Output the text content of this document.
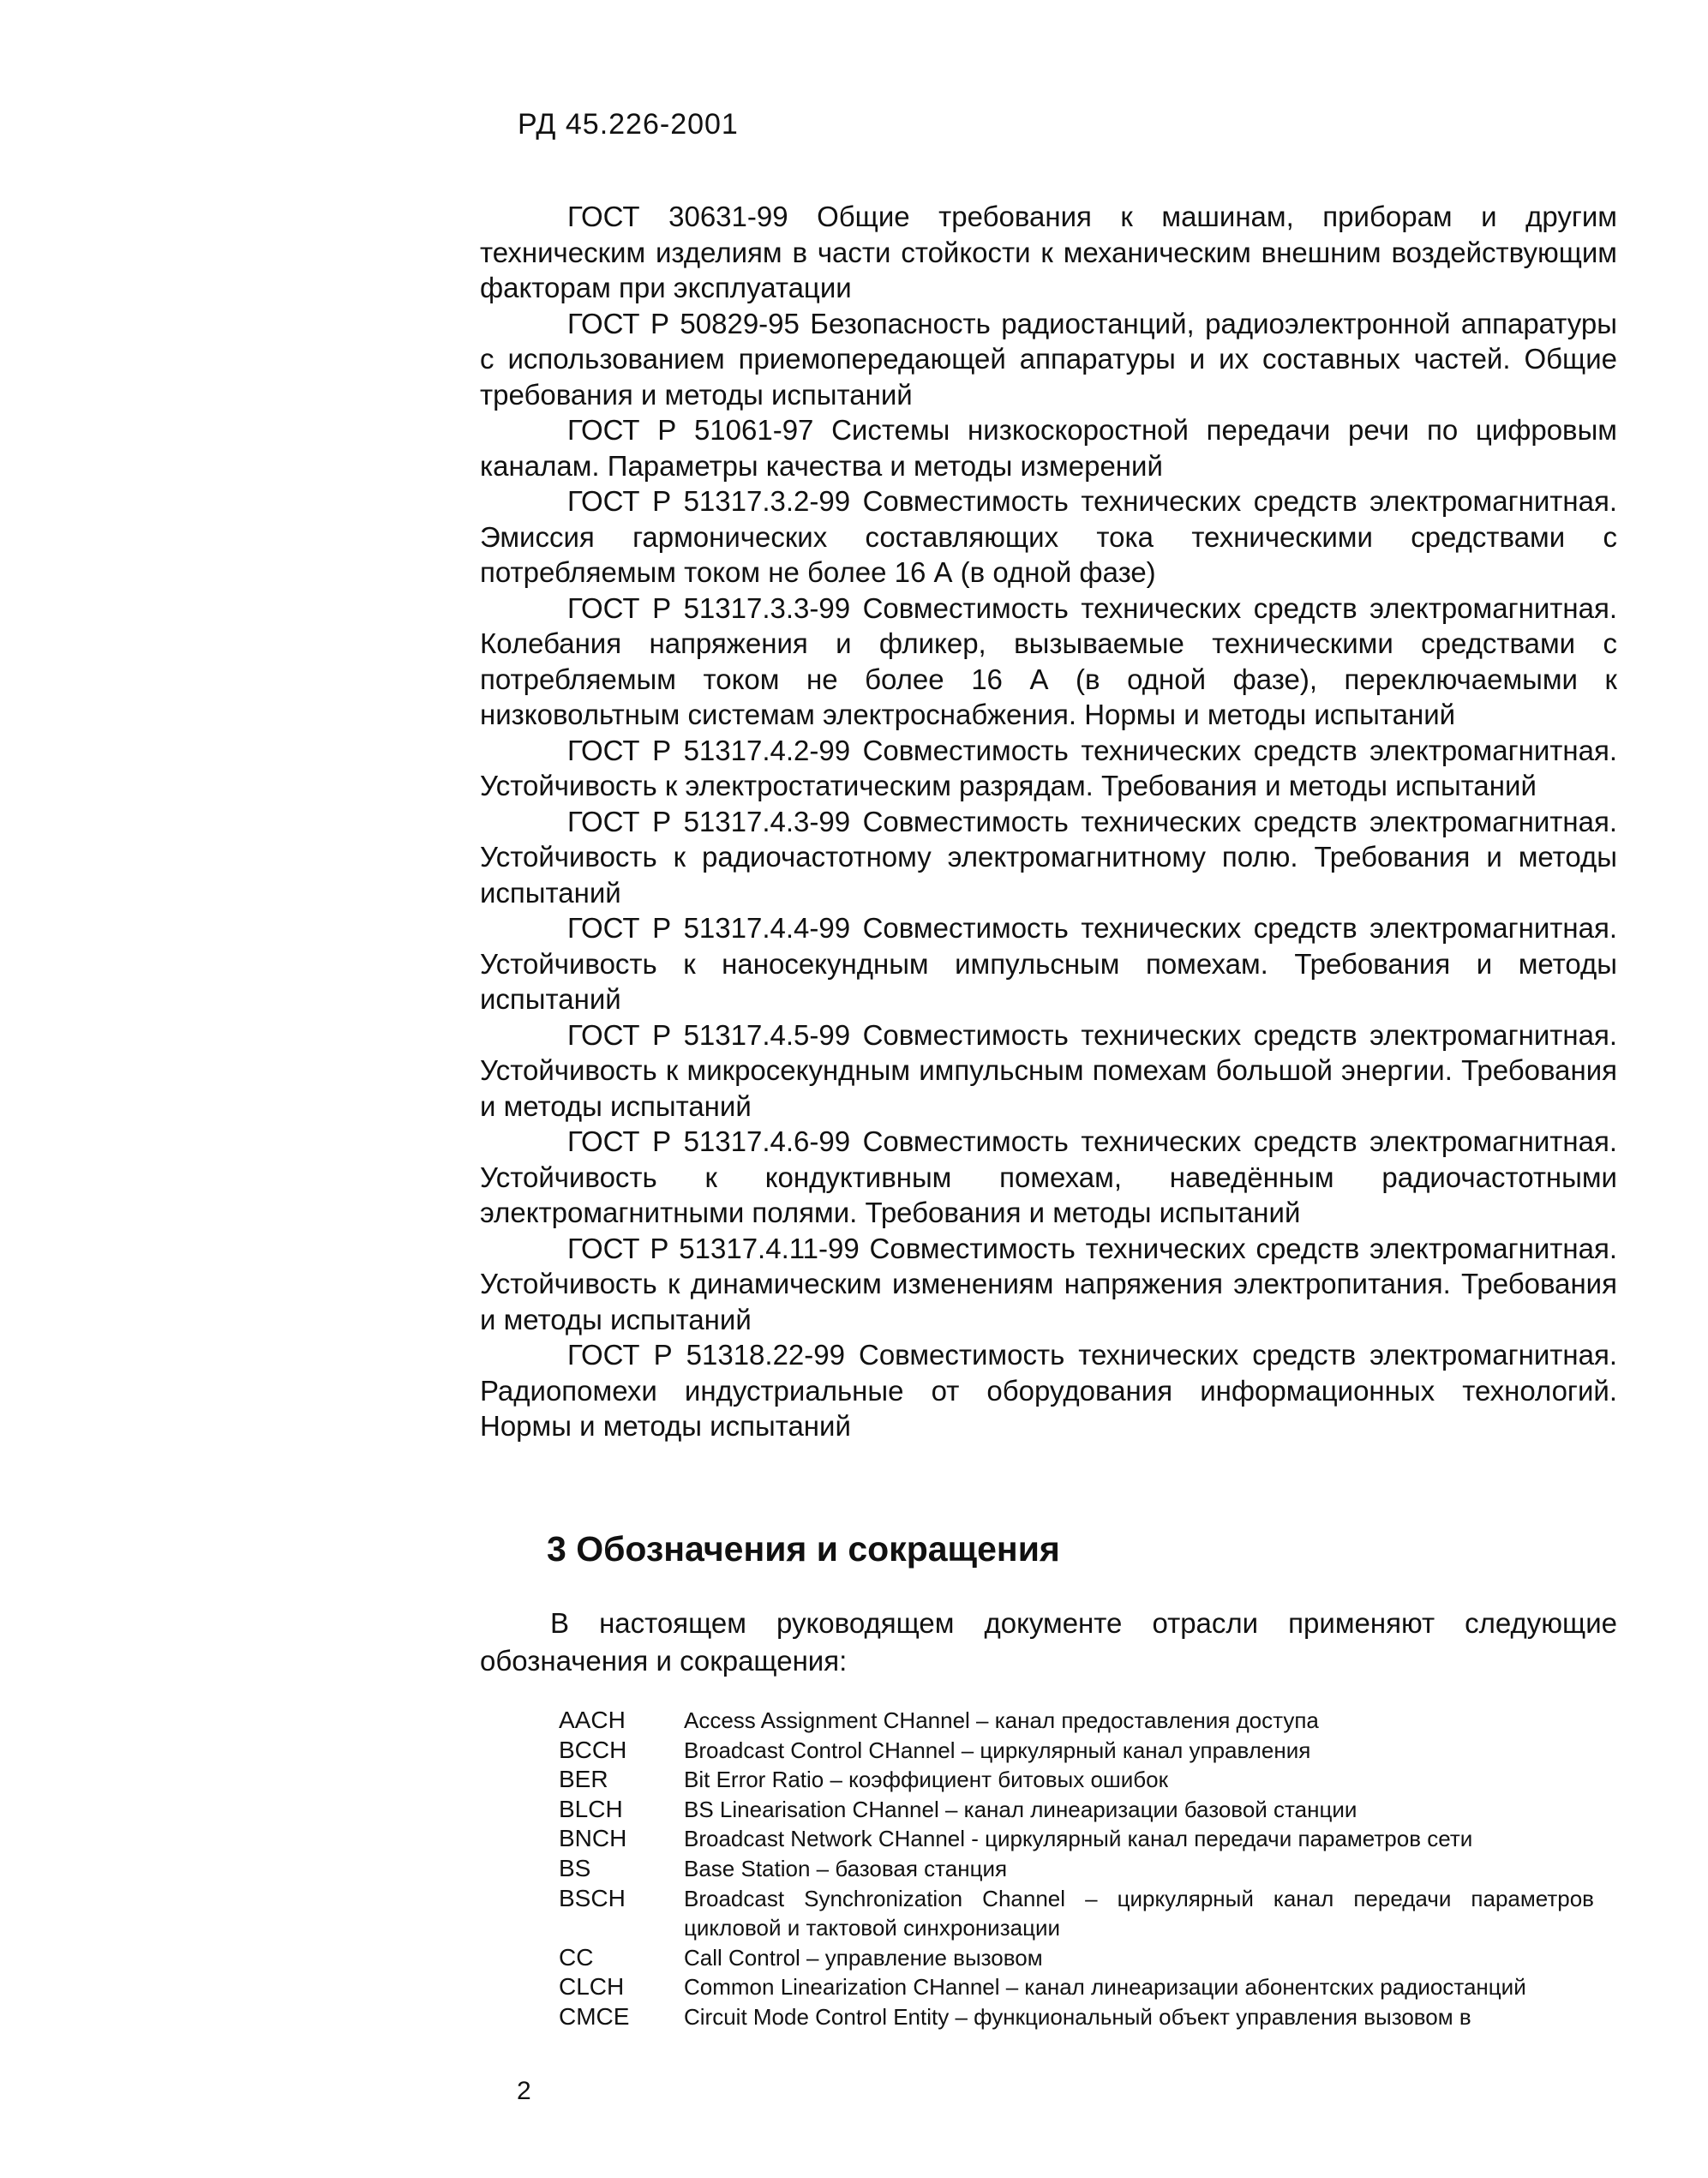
РД 45.226-2001

ГОСТ 30631-99 Общие требования к машинам, приборам и другим техническим изделиям в части стойкости к механическим внешним воздействующим факторам при эксплуатации

ГОСТ Р 50829-95 Безопасность радиостанций, радиоэлектронной аппаратуры с использованием приемопередающей аппаратуры и их составных частей. Общие требования и методы испытаний

ГОСТ Р 51061-97 Системы низкоскоростной передачи речи по цифровым каналам. Параметры качества и методы измерений

ГОСТ Р 51317.3.2-99 Совместимость технических средств электромагнитная. Эмиссия гармонических составляющих тока техническими средствами с потребляемым током не более 16 А (в одной фазе)

ГОСТ Р 51317.3.3-99 Совместимость технических средств электромагнитная. Колебания напряжения и фликер, вызываемые техническими средствами с потребляемым током не более 16 А (в одной фазе), переключаемыми к низковольтным системам электроснабжения. Нормы и методы испытаний

ГОСТ Р 51317.4.2-99 Совместимость технических средств электромагнитная. Устойчивость к электростатическим разрядам. Требования и методы испытаний

ГОСТ Р 51317.4.3-99 Совместимость технических средств электромагнитная. Устойчивость к радиочастотному электромагнитному полю. Требования и методы испытаний

ГОСТ Р 51317.4.4-99 Совместимость технических средств электромагнитная. Устойчивость к наносекундным импульсным помехам. Требования и методы испытаний

ГОСТ Р 51317.4.5-99 Совместимость технических средств электромагнитная. Устойчивость к микросекундным импульсным помехам большой энергии. Требования и методы испытаний

ГОСТ Р 51317.4.6-99 Совместимость технических средств электромагнитная. Устойчивость к кондуктивным помехам, наведённым радиочастотными электромагнитными полями. Требования и методы испытаний

ГОСТ Р 51317.4.11-99 Совместимость технических средств электромагнитная. Устойчивость к динамическим изменениям напряжения электропитания. Требования и методы испытаний

ГОСТ Р 51318.22-99 Совместимость технических средств электромагнитная. Радиопомехи индустриальные от оборудования информационных технологий. Нормы и методы испытаний

3 Обозначения и сокращения

В настоящем руководящем документе отрасли применяют следующие обозначения и сокращения:

AACH	Access Assignment CHannel – канал предоставления доступа
BCCH	Broadcast Control CHannel – циркулярный канал управления
BER	Bit Error Ratio – коэффициент битовых ошибок
BLCH	BS Linearisation CHannel – канал линеаризации базовой станции
BNCH	Broadcast Network CHannel - циркулярный канал передачи параметров сети
BS	Base Station – базовая станция
BSCH	Broadcast Synchronization Channel – циркулярный канал передачи параметров цикловой и тактовой синхронизации
CC	Call Control – управление вызовом
CLCH	Common Linearization CHannel – канал линеаризации абонентских радиостанций
CMCE	Circuit Mode Control Entity – функциональный объект управления вызовом в
2
